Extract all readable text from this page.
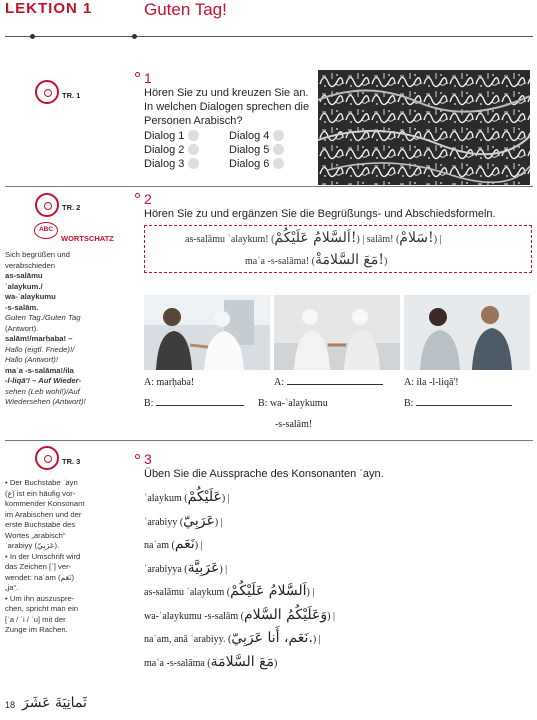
LEKTION 1	Guten Tag!
TR. 1
1
Hören Sie zu und kreuzen Sie an.
In welchen Dialogen sprechen die
Personen Arabisch?
Dialog 1
Dialog 2
Dialog 3
Dialog 4
Dialog 5
Dialog 6
TR. 2
ABC
WORTSCHATZ
Sich begrüßen und
verabschieden
as-salāmu
ʿalaykum./
wa-ʿalaykumu
-s-salām.
Guten Tag./Guten Tag
(Antwort).
salām!/marḥaba! –
Hallo (eigtl. Friede)!/
Hallo (Antwort)!
maʿa -s-salāma!/ila
-l-liqā'! – Auf Wieder-
sehen (Leb wohl!)/Auf
Wiedersehen (Antwort)!
2
Hören Sie zu und ergänzen Sie die Begrüßungs- und Abschiedsformeln.
as-salāmu ʿalaykum! (اَلسَّلامُ عَلَيْكُمْ!) | salām! (سَلامْ!) |
maʿa -s-salāma! (مَعَ السَّلامَةْ!)
A: marḥaba!
B:
A:
B: wa-ʿalaykumu
-s-salām!
A: ila -l-liqā'!
B:
TR. 3
• Der Buchstabe ʿayn
(ع) ist ein häufig vor-
kommender Konsonant
im Arabischen und der
erste Buchstabe des
Wortes „arabisch“
ʿarabiyy (عَرَبِيّ).
• In der Umschrift wird
das Zeichen [ʿ] ver-
wendet: naʿam (نَعَم)
„ja“.
• Um ihn auszuspre-
chen, spricht man ein
[ʿa / ʿi / ʿu] mit der
Zunge im Rachen.
3
Üben Sie die Aussprache des Konsonanten ʿayn.
ʿalaykum (عَلَيْكُمْ) |
ʿarabiyy (عَرَبِيّ) |
naʿam (نَعَم) |
ʿarabiyya (عَرَبِيَّة) |
as-salāmu ʿalaykum (اَلسَّلامُ عَلَيْكُمْ) |
wa-ʿalaykumu -s-salām (وَعَلَيْكُمُ السَّلام) |
naʿam, anā ʿarabiyy. (نَعَم، أَنا عَرَبِيّ.) |
maʿa -s-salāma (مَعَ السَّلامَة)
18 ثَمانِيَةَ عَشَرَ
